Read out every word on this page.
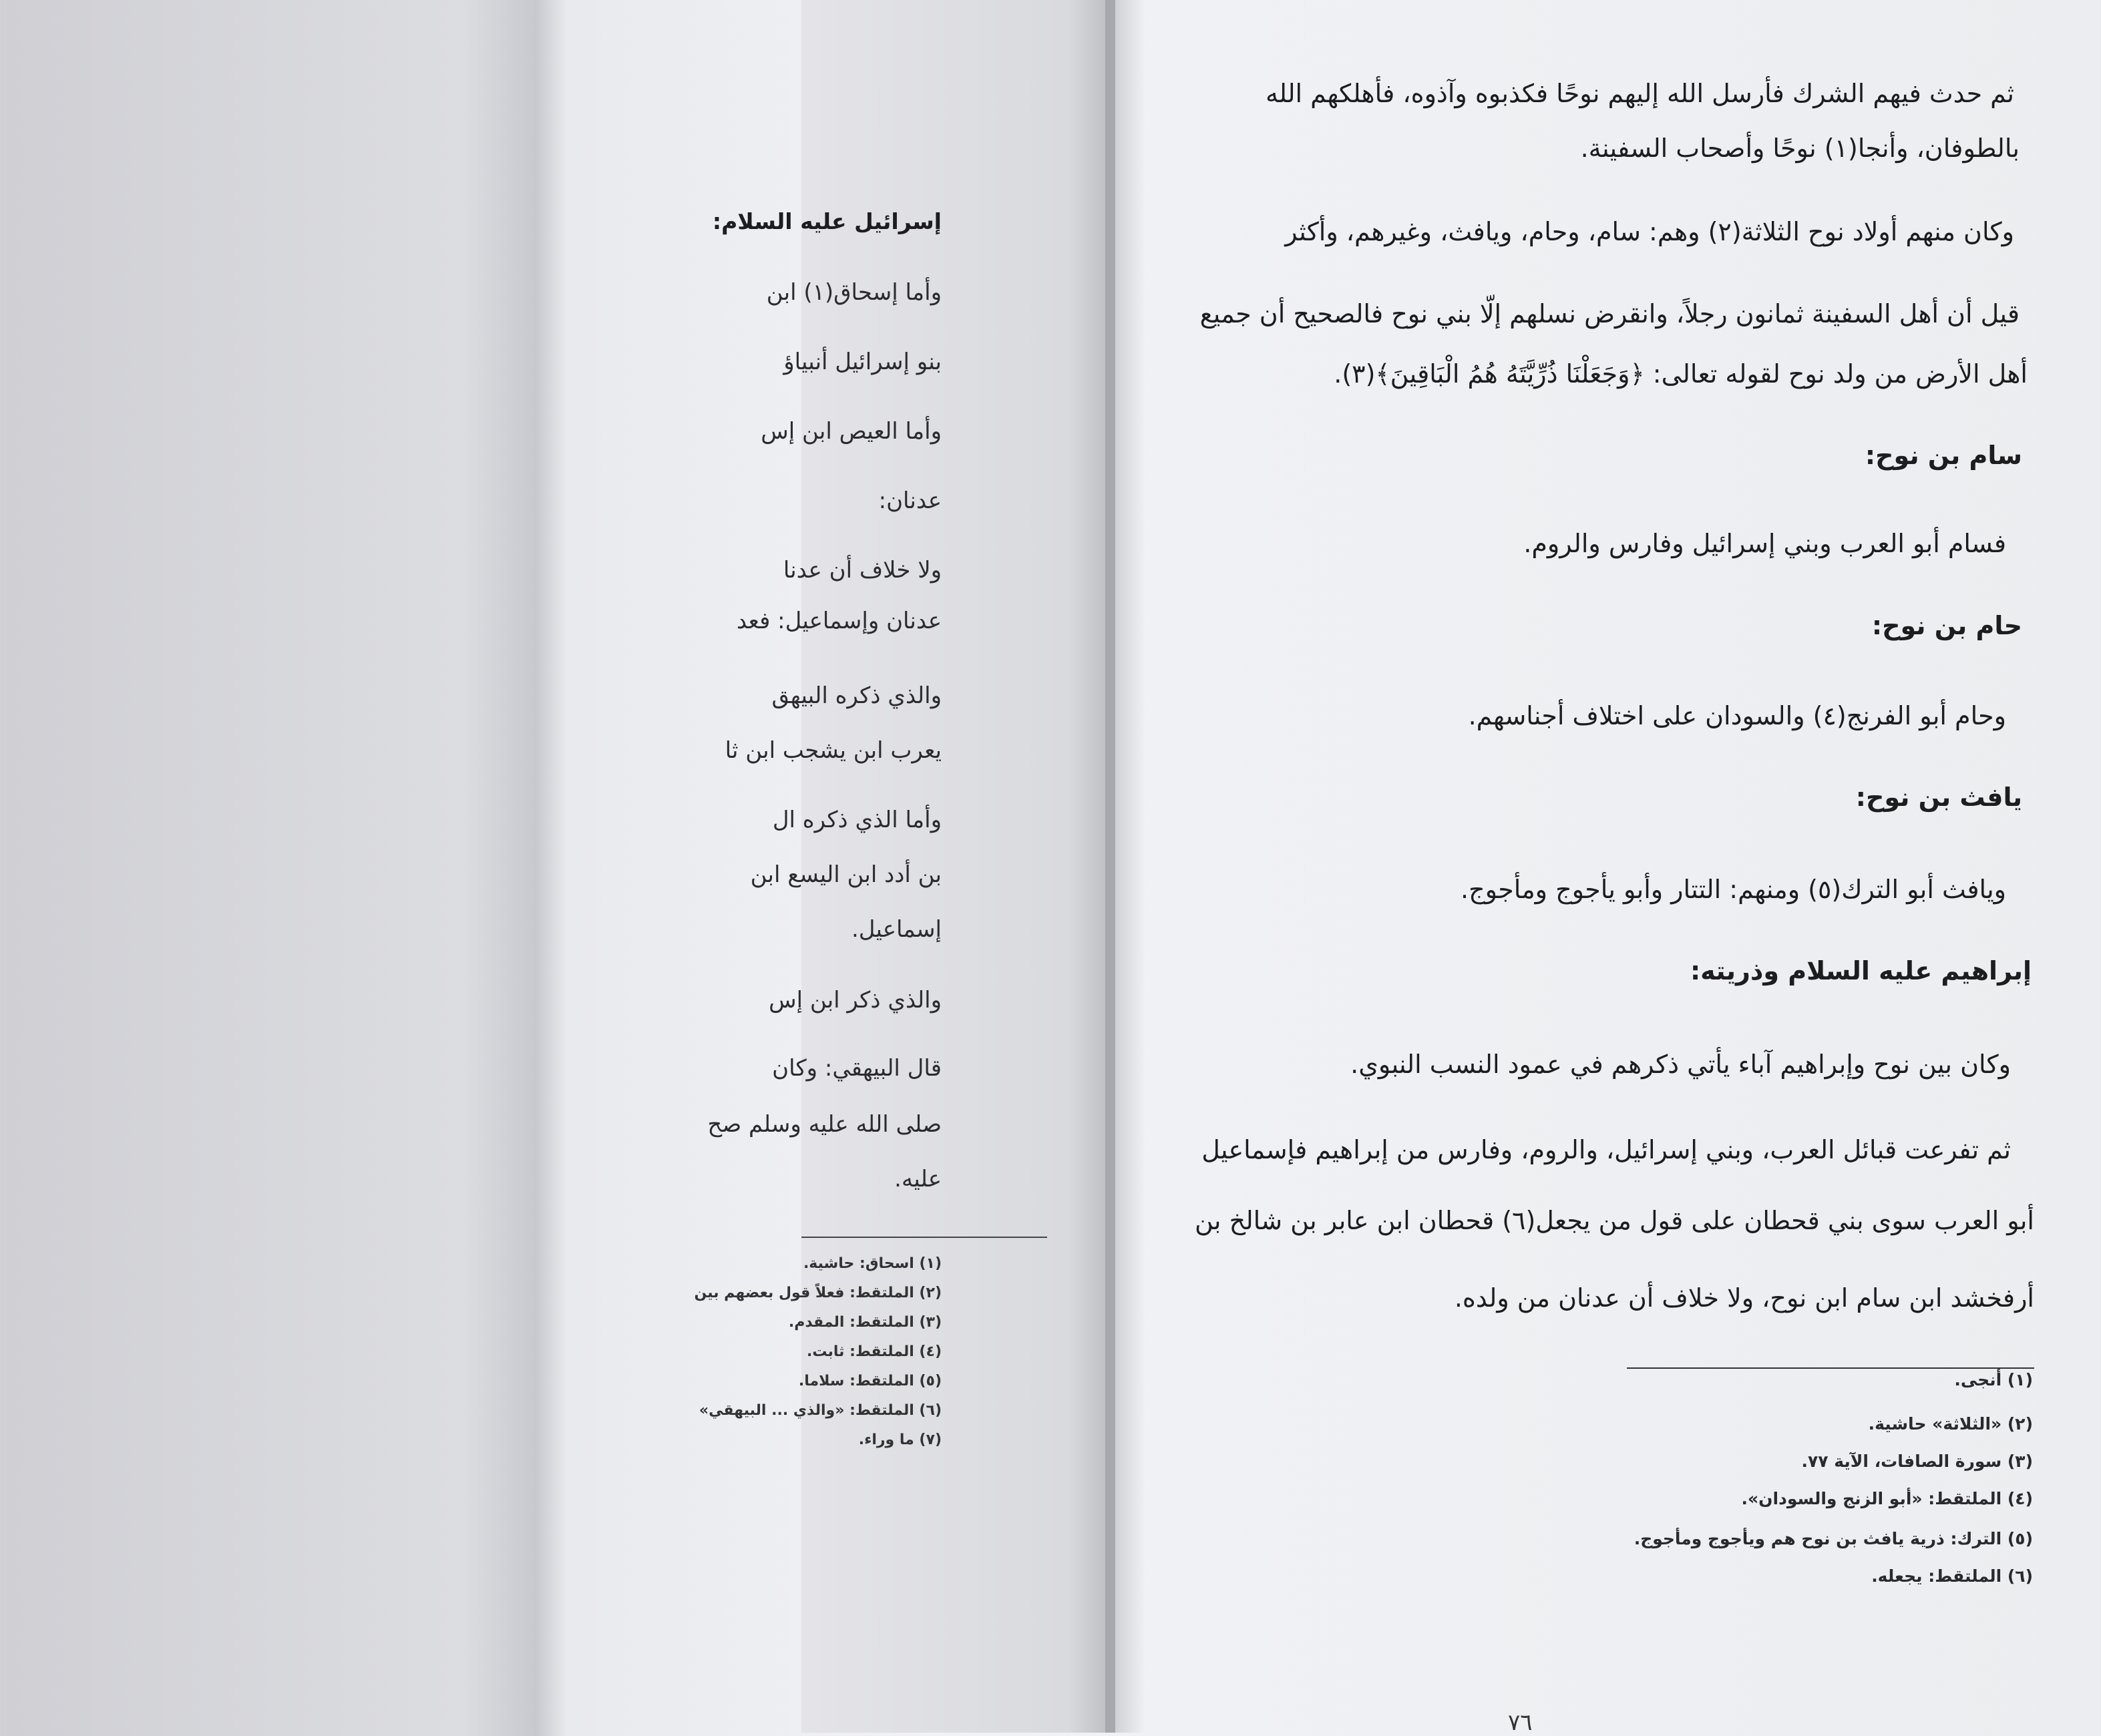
إسرائيل عليه السلام:
وأما إسحاق(١) ابن
بنو إسرائيل أنبياؤ
وأما العيص ابن إس
عدنان:
ولا خلاف أن عدنا
عدنان وإسماعيل: فعد
والذي ذكره البيهق
يعرب ابن يشجب ابن ثا
وأما الذي ذكره ال
بن أدد ابن اليسع ابن
إسماعيل.
والذي ذكر ابن إس
قال البيهقي: وكان
صلى الله عليه وسلم صح
عليه.
(١) اسحاق: حاشية.
(٢) الملتقط: فعلاً قول بعضهم بين
(٣) الملتقط: المقدم.
(٤) الملتقط: ثابت.
(٥) الملتقط: سلاما.
(٦) الملتقط: «والذي ... البيهقي»
(٧) ما وراء.
ثم حدث فيهم الشرك فأرسل الله إليهم نوحًا فكذبوه وآذوه، فأهلكهم الله
بالطوفان، وأنجا(١) نوحًا وأصحاب السفينة.
وكان منهم أولاد نوح الثلاثة(٢) وهم: سام، وحام، ويافث، وغيرهم، وأكثر
قيل أن أهل السفينة ثمانون رجلاً، وانقرض نسلهم إلّا بني نوح فالصحيح أن جميع
أهل الأرض من ولد نوح لقوله تعالى: ﴿وَجَعَلْنَا ذُرِّيَّتَهُ هُمُ الْبَاقِينَ﴾(٣).
سام بن نوح:
فسام أبو العرب وبني إسرائيل وفارس والروم.
حام بن نوح:
وحام أبو الفرنج(٤) والسودان على اختلاف أجناسهم.
يافث بن نوح:
ويافث أبو الترك(٥) ومنهم: التتار وأبو يأجوج ومأجوج.
إبراهيم عليه السلام وذريته:
وكان بين نوح وإبراهيم آباء يأتي ذكرهم في عمود النسب النبوي.
ثم تفرعت قبائل العرب، وبني إسرائيل، والروم، وفارس من إبراهيم فإسماعيل
أبو العرب سوى بني قحطان على قول من يجعل(٦) قحطان ابن عابر بن شالخ بن
أرفخشد ابن سام ابن نوح، ولا خلاف أن عدنان من ولده.
(١) أنجى.
(٢) «الثلاثة» حاشية.
(٣) سورة الصافات، الآية ٧٧.
(٤) الملتقط: «أبو الزنج والسودان».
(٥) الترك: ذرية يافث بن نوح هم ويأجوج ومأجوج.
(٦) الملتقط: يجعله.
٧٦
